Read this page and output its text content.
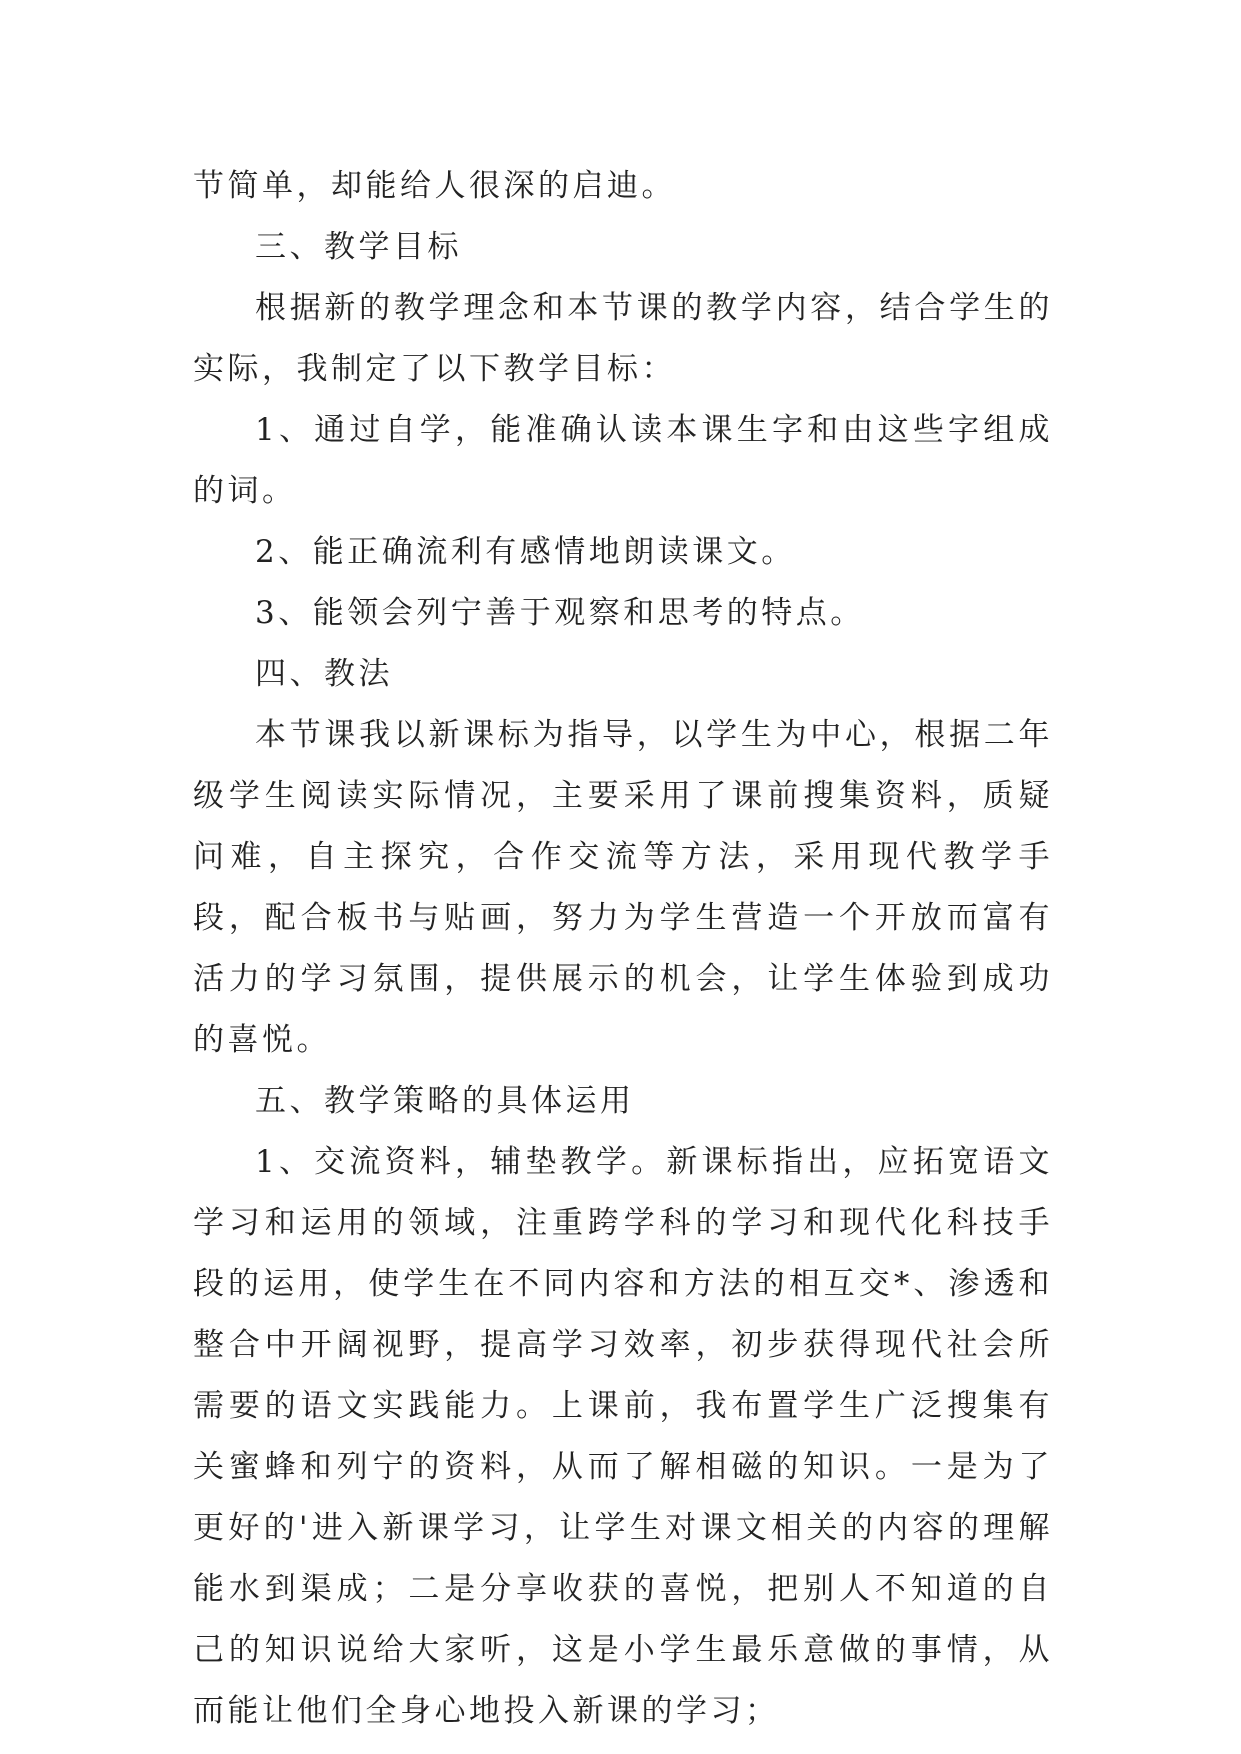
节简单，却能给人很深的启迪。

三、教学目标

根据新的教学理念和本节课的教学内容，结合学生的实际，我制定了以下教学目标：

1、通过自学，能准确认读本课生字和由这些字组成的词。

2、能正确流利有感情地朗读课文。

3、能领会列宁善于观察和思考的特点。

四、教法

本节课我以新课标为指导，以学生为中心，根据二年级学生阅读实际情况，主要采用了课前搜集资料，质疑问难，自主探究，合作交流等方法，采用现代教学手段，配合板书与贴画，努力为学生营造一个开放而富有活力的学习氛围，提供展示的机会，让学生体验到成功的喜悦。

五、教学策略的具体运用

1、交流资料，辅垫教学。新课标指出，应拓宽语文学习和运用的领域，注重跨学科的学习和现代化科技手段的运用，使学生在不同内容和方法的相互交*、渗透和整合中开阔视野，提高学习效率，初步获得现代社会所需要的语文实践能力。上课前，我布置学生广泛搜集有关蜜蜂和列宁的资料，从而了解相磁的知识。一是为了更好的'进入新课学习，让学生对课文相关的内容的理解能水到渠成；二是分享收获的喜悦，把别人不知道的自己的知识说给大家听，这是小学生最乐意做的事情，从而能让他们全身心地投入新课的学习；
